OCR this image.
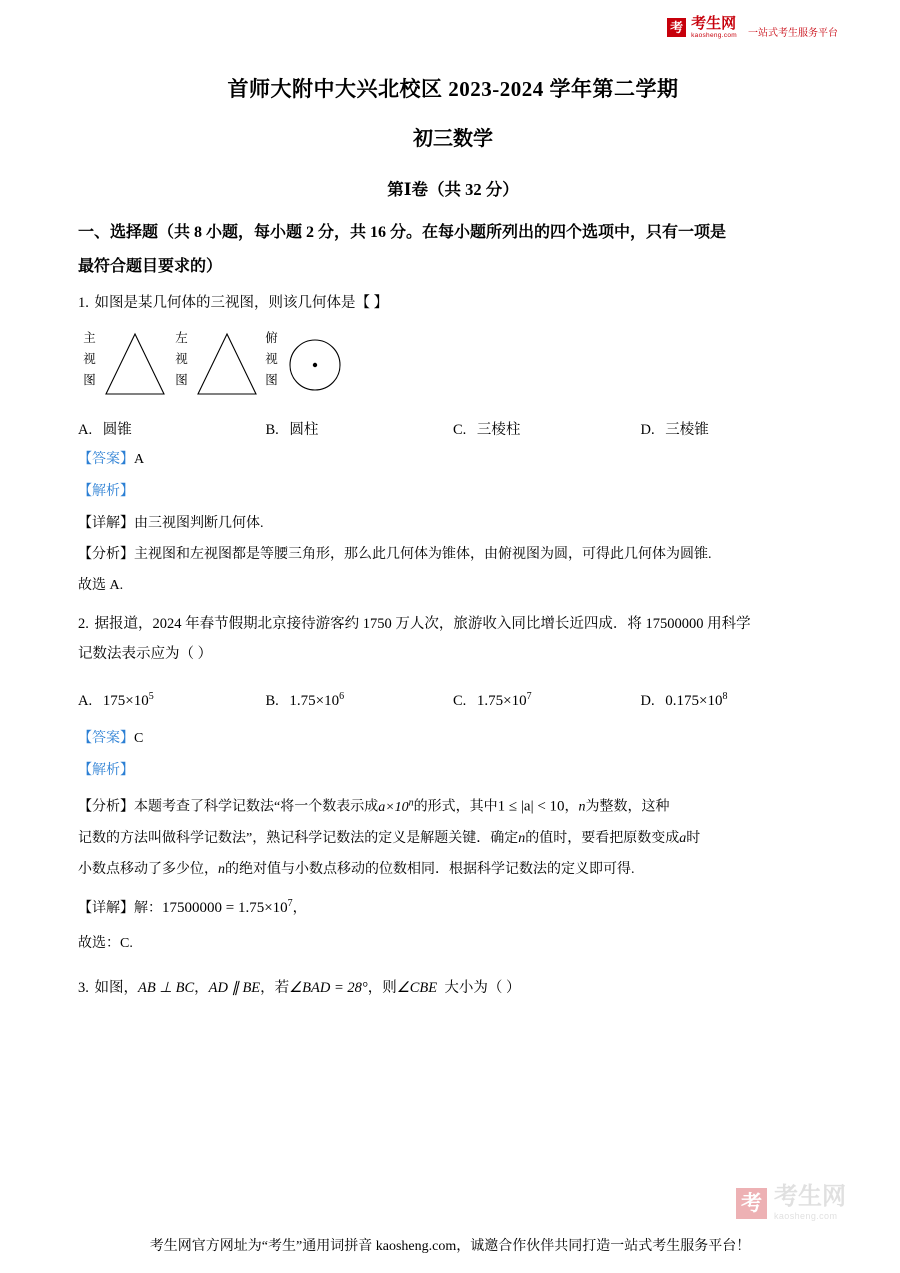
考 考生网
kaosheng.com 一站式考生服务平台
首师大附中大兴北校区 2023-2024 学年第二学期
初三数学

第Ⅰ卷（共 32 分）

一、选择题（共 8 小题，每小题 2 分，共 16 分。在每小题所列出的四个选项中，只有一项是

最符合题目要求的）

1. 如图是某几何体的三视图，则该几何体是【 】

主
视
图
左
视
图
俯
视
图
A. 圆锥	B. 圆柱	C. 三棱柱	D. 三棱锥

【答案】A

【解析】

【详解】由三视图判断几何体.

【分析】主视图和左视图都是等腰三角形，那么此几何体为锥体，由俯视图为圆，可得此几何体为圆锥.

故选 A.

2. 据报道，2024 年春节假期北京接待游客约 1750 万人次，旅游收入同比增长近四成．将 17500000 用科学

记数法表示应为（ ）

A. $175\times 10^5$	B. $1.75\times 10^6$	C. $1.75\times 10^7$	D. $0.175\times 10^8$

【答案】C

【解析】

【分析】本题考查了科学记数法“将一个数表示成$a\times 10^n$的形式，其中1 ≤ |a| < 10，n为整数，这种

记数的方法叫做科学记数法”，熟记科学记数法的定义是解题关键．确定n的值时，要看把原数变成a时

小数点移动了多少位，n的绝对值与小数点移动的位数相同．根据科学记数法的定义即可得.

【详解】解：$17500000 = 1.75\times 10^7$，

故选：C.

3. 如图，AB ⊥ BC，AD ∥ BE，若∠BAD = 28°，则∠CBE 大小为（ ）

考 考生网
kaosheng.com
考生网官方网址为“考生”通用词拼音 kaosheng.com，诚邀合作伙伴共同打造一站式考生服务平台！
